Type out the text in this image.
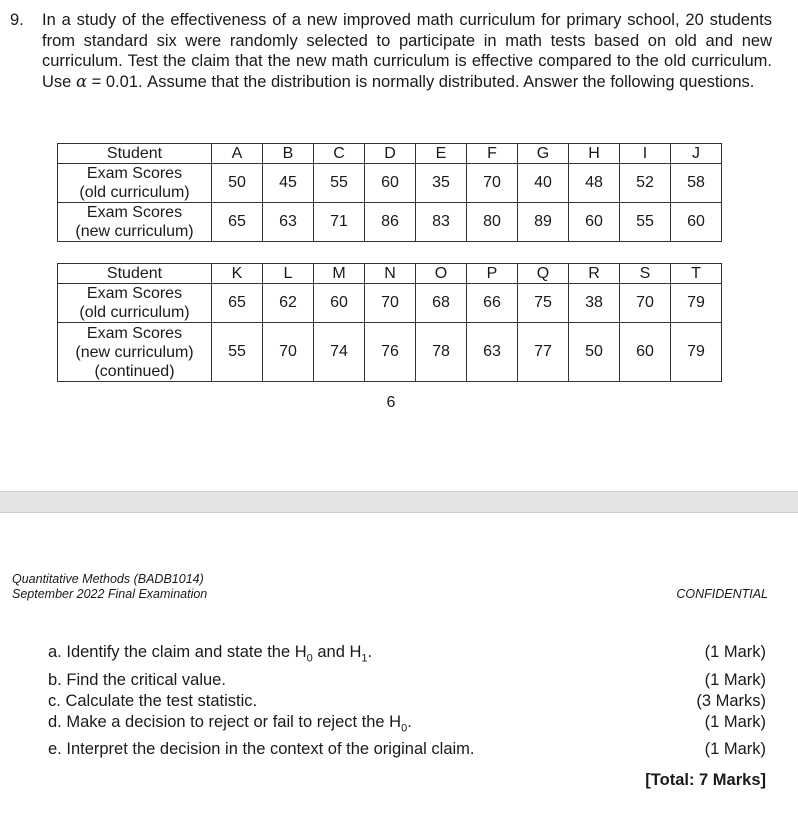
9. In a study of the effectiveness of a new improved math curriculum for primary school, 20 students from standard six were randomly selected to participate in math tests based on old and new curriculum. Test the claim that the new math curriculum is effective compared to the old curriculum. Use α = 0.01. Assume that the distribution is normally distributed. Answer the following questions.
Student	A	B	C	D	E	F	G	H	I	J
Exam Scores
(old curriculum)	50	45	55	60	35	70	40	48	52	58
Exam Scores
(new curriculum)	65	63	71	86	83	80	89	60	55	60
Student	K	L	M	N	O	P	Q	R	S	T
Exam Scores
(old curriculum)	65	62	60	70	68	66	75	38	70	79
Exam Scores
(new curriculum)
(continued)	55	70	74	76	78	63	77	50	60	79
6
Quantitative Methods (BADB1014)
September 2022 Final Examination	CONFIDENTIAL
a. Identify the claim and state the $H_0$ and $H_1$.	(1 Mark)
b. Find the critical value.	(1 Mark)
c. Calculate the test statistic.	(3 Marks)
d. Make a decision to reject or fail to reject the $H_0$.	(1 Mark)
e. Interpret the decision in the context of the original claim.	(1 Mark)
[Total: 7 Marks]
